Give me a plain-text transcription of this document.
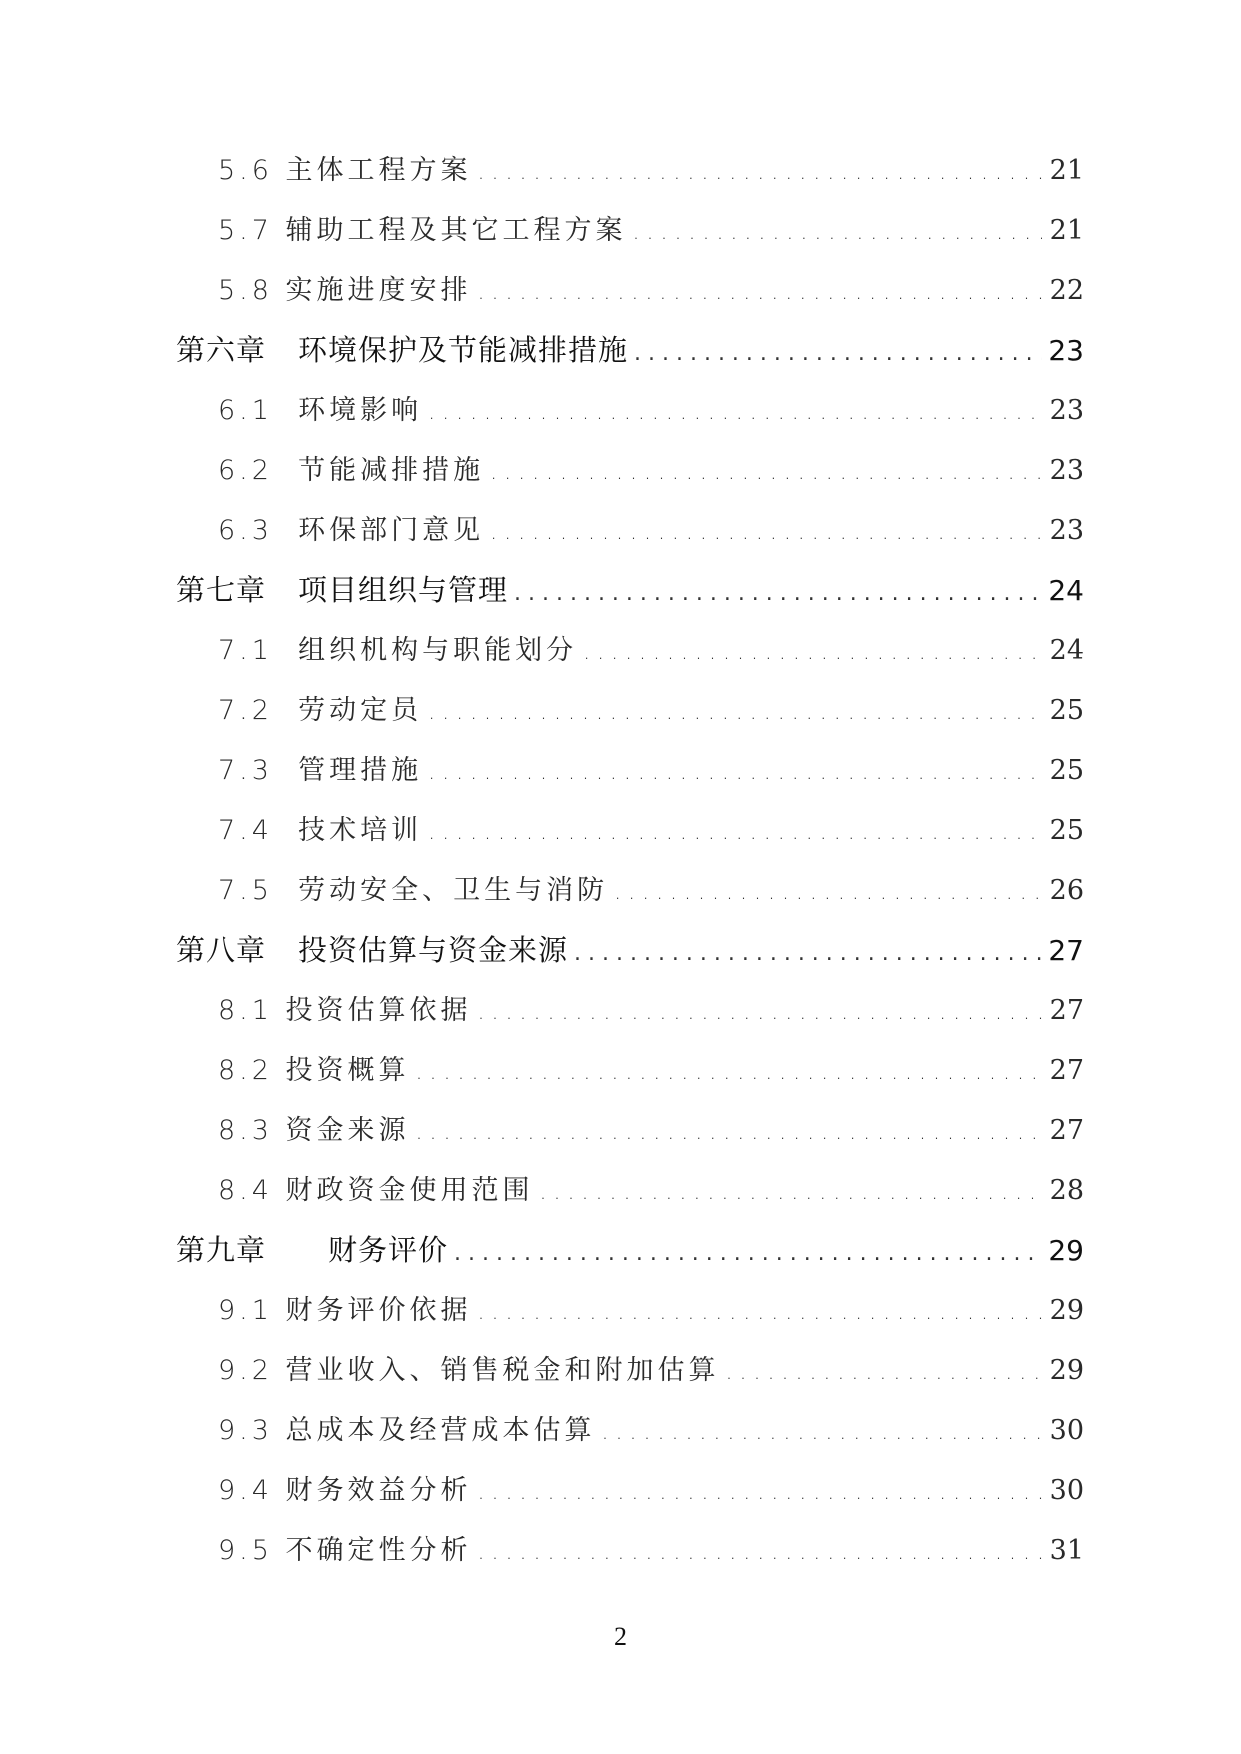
5.6 主体工程方案 . . .	21
5.7 辅助工程及其它工程方案 . . .	21
5.8 实施进度安排 . . .	22
第六章 环境保护及节能减排措施 . . .	23
6.1  环境影响 . . .	23
6.2  节能减排措施 . . .	23
6.3  环保部门意见 . . .	23
第七章 项目组织与管理 . . .	24
7.1  组织机构与职能划分 . . .	24
7.2  劳动定员 . . .	25
7.3  管理措施 . . .	25
7.4  技术培训 . . .	25
7.5  劳动安全、卫生与消防 . . .	26
第八章 投资估算与资金来源 . . .	27
8.1 投资估算依据 . . .	27
8.2 投资概算 . . .	27
8.3 资金来源 . . .	27
8.4 财政资金使用范围 . . .	28
第九章 财务评价 . . .	29
9.1 财务评价依据 . . .	29
9.2 营业收入、销售税金和附加估算 . . .	29
9.3 总成本及经营成本估算 . . .	30
9.4 财务效益分析 . . .	30
9.5 不确定性分析 . . .	31
2
